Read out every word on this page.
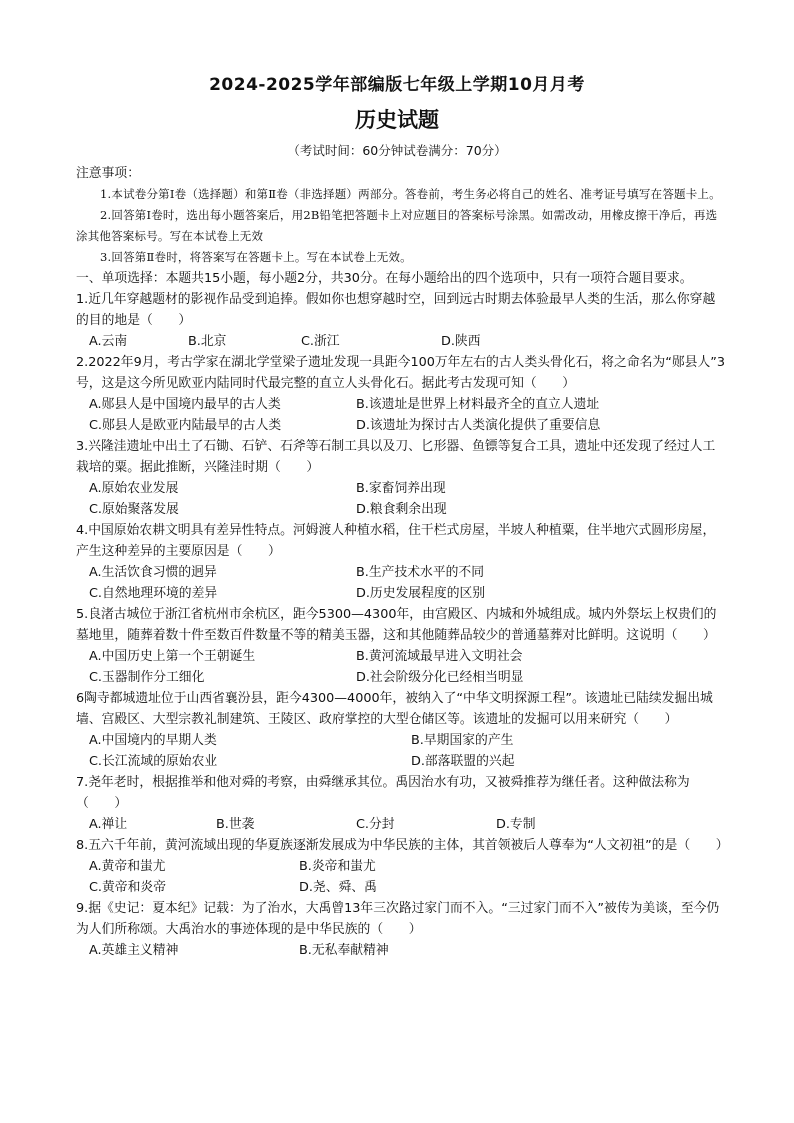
2024-2025学年部编版七年级上学期10月月考
历史试题
（考试时间：60分钟试卷满分：70分）
注意事项：
1.本试卷分第Ⅰ卷（选择题）和第Ⅱ卷（非选择题）两部分。答卷前，考生务必将自己的姓名、准考证号填写在答题卡上。
2.回答第Ⅰ卷时，选出每小题答案后，用2B铅笔把答题卡上对应题目的答案标号涂黑。如需改动，用橡皮擦干净后，再选涂其他答案标号。写在本试卷上无效
3.回答第Ⅱ卷时，将答案写在答题卡上。写在本试卷上无效。
一、单项选择：本题共15小题，每小题2分，共30分。在每小题给出的四个选项中，只有一项符合题目要求。
1.近几年穿越题材的影视作品受到追捧。假如你也想穿越时空，回到远古时期去体验最早人类的生活，那么你穿越的目的地是（　　）
A.云南	B.北京	C.浙江	D.陕西
2.2022年9月，考古学家在湖北学堂梁子遗址发现一具距今100万年左右的古人类头骨化石，将之命名为“郧县人”3号，这是这今所见欧亚内陆同时代最完整的直立人头骨化石。据此考古发现可知（　　）
A.郧县人是中国境内最早的古人类	B.该遗址是世界上材料最齐全的直立人遗址
C.郧县人是欧亚内陆最早的古人类	D.该遗址为探讨古人类演化提供了重要信息
3.兴隆洼遗址中出土了石锄、石铲、石斧等石制工具以及刀、匕形器、鱼镖等复合工具，遗址中还发现了经过人工栽培的粟。据此推断，兴隆洼时期（　　）
A.原始农业发展	B.家畜饲养出现
C.原始聚落发展	D.粮食剩余出现
4.中国原始农耕文明具有差异性特点。河姆渡人种植水稻，住干栏式房屋，半坡人种植粟，住半地穴式圆形房屋，产生这种差异的主要原因是（　　）
A.生活饮食习惯的迥异	B.生产技术水平的不同
C.自然地理环境的差异	D.历史发展程度的区别
5.良渚古城位于浙江省杭州市余杭区，距今5300—4300年，由宫殿区、内城和外城组成。城内外祭坛上权贵们的墓地里，随葬着数十件至数百件数量不等的精美玉器，这和其他随葬品较少的普通墓葬对比鲜明。这说明（　　）
A.中国历史上第一个王朝诞生	B.黄河流域最早进入文明社会
C.玉器制作分工细化	D.社会阶级分化已经相当明显
6陶寺都城遗址位于山西省襄汾县，距今4300—4000年，被纳入了“中华文明探源工程”。该遗址已陆续发掘出城墙、宫殿区、大型宗教礼制建筑、王陵区、政府掌控的大型仓储区等。该遗址的发掘可以用来研究（　　）
A.中国境内的早期人类	B.早期国家的产生
C.长江流域的原始农业	D.部落联盟的兴起
7.尧年老时，根据推举和他对舜的考察，由舜继承其位。禹因治水有功，又被舜推荐为继任者。这种做法称为（　　）
A.禅让	B.世袭	C.分封	D.专制
8.五六千年前，黄河流域出现的华夏族逐渐发展成为中华民族的主体，其首领被后人尊奉为“人文初祖”的是（　　）
A.黄帝和蚩尤	B.炎帝和蚩尤
C.黄帝和炎帝	D.尧、舜、禹
9.据《史记：夏本纪》记载：为了治水，大禹曾13年三次路过家门而不入。“三过家门而不入”被传为美谈，至今仍为人们所称颂。大禹治水的事迹体现的是中华民族的（　　）
A.英雄主义精神	B.无私奉献精神
